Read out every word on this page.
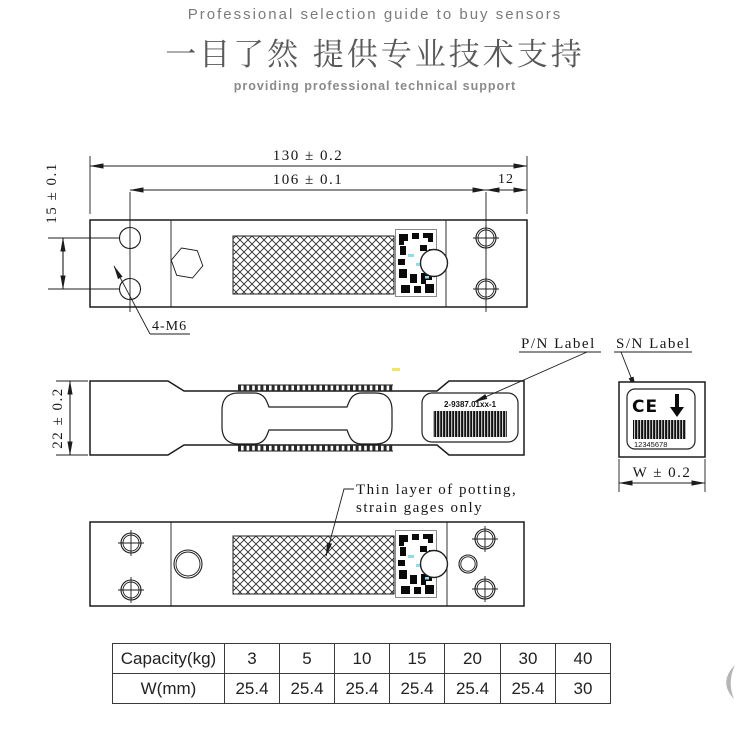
Professional selection guide to buy sensors
一目了然 提供专业技术支持
providing professional technical support
130 ± 0.2
106 ± 0.1	12
15 ± 0.1
4-M6
2-9387.01xx-1
22 ± 0.2
P/N Label S/N Label
CE
12345678
W ± 0.2
Thin layer of potting,
strain gages only
Capacity(kg)	3	5	10	15	20	30	40
W(mm)	25.4	25.4	25.4	25.4	25.4	25.4	30
